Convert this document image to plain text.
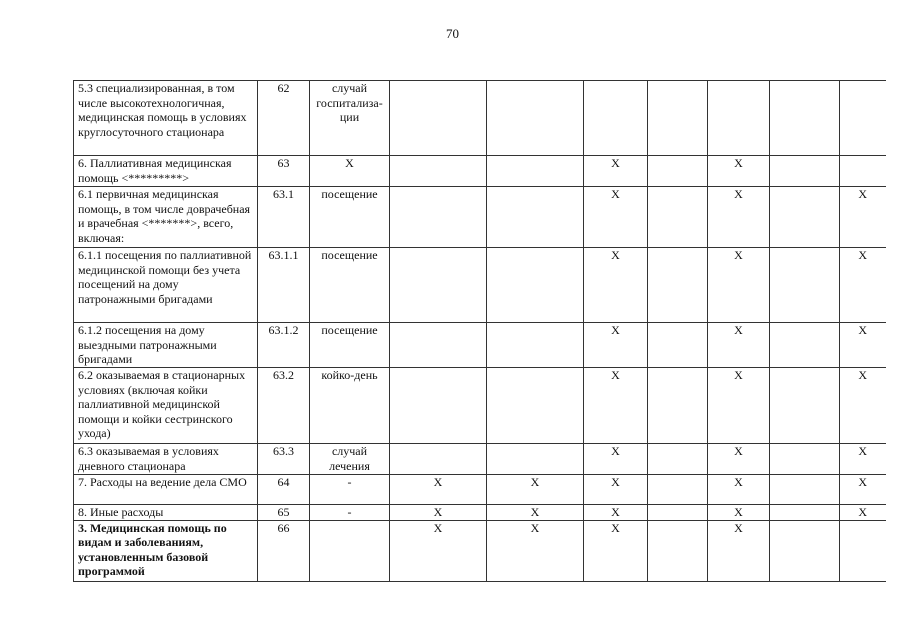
70
5.3 специализированная, в том числе высокотехнологичная, медицинская помощь в условиях круглосуточного стационара	62	случай госпитализа-ции							
6. Паллиативная медицинская помощь <*********>	63	Х			Х		Х		
6.1 первичная медицинская помощь, в том числе доврачебная и врачебная <*******>, всего, включая:	63.1	посещение			Х		Х		Х
6.1.1 посещения по паллиативной медицинской помощи без учета посещений на дому патронажными бригадами	63.1.1	посещение			Х		Х		Х
6.1.2 посещения на дому выездными патронажными бригадами	63.1.2	посещение			Х		Х		Х
6.2 оказываемая в стационарных условиях (включая койки паллиативной медицинской помощи и койки сестринского ухода)	63.2	койко-день			Х		Х		Х
6.3 оказываемая в условиях дневного стационара	63.3	случай лечения			Х		Х		Х
7. Расходы на ведение дела СМО	64	-	Х	Х	Х		Х		Х
8. Иные расходы	65	-	Х	Х	Х		Х		Х
3. Медицинская помощь по видам и заболеваниям, установленным базовой программой	66		Х	Х	Х		Х		
